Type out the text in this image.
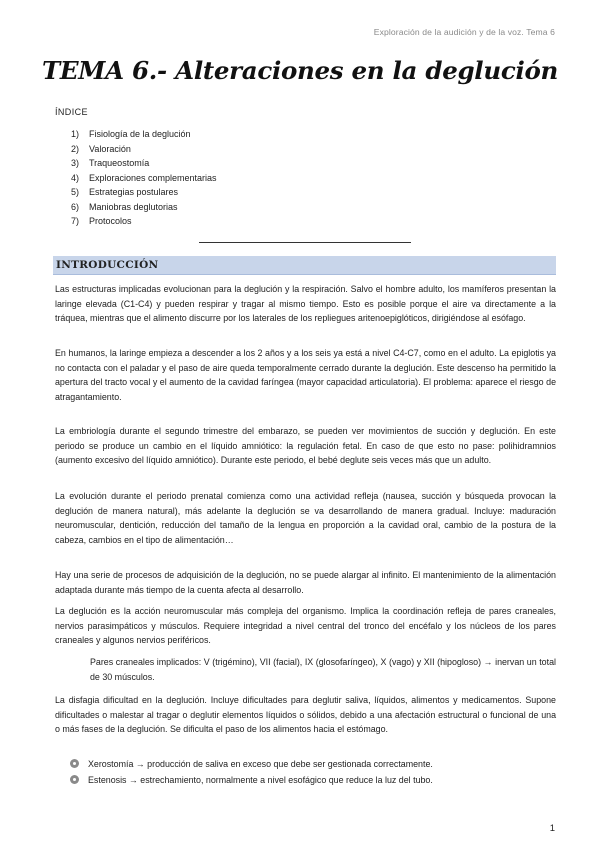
Exploración de la audición y de la voz. Tema 6
TEMA 6.- Alteraciones en la deglución
ÍNDICE
1) Fisiología de la deglución
2) Valoración
3) Traqueostomía
4) Exploraciones complementarias
5) Estrategias postulares
6) Maniobras deglutorias
7) Protocolos
INTRODUCCIÓN

Las estructuras implicadas evolucionan para la deglución y la respiración. Salvo el hombre adulto, los mamíferos presentan la laringe elevada (C1-C4) y pueden respirar y tragar al mismo tiempo. Esto es posible porque el aire va directamente a la tráquea, mientras que el alimento discurre por los laterales de los repliegues aritenoepiglóticos, dirigiéndose al esófago.

En humanos, la laringe empieza a descender a los 2 años y a los seis ya está a nivel C4-C7, como en el adulto. La epiglotis ya no contacta con el paladar y el paso de aire queda temporalmente cerrado durante la deglución. Este descenso ha permitido la apertura del tracto vocal y el aumento de la cavidad faríngea (mayor capacidad articulatoria). El problema: aparece el riesgo de atragantamiento.

La embriología durante el segundo trimestre del embarazo, se pueden ver movimientos de succión y deglución. En este periodo se produce un cambio en el líquido amniótico: la regulación fetal. En caso de que esto no pase: polihidramnios (aumento excesivo del líquido amniótico). Durante este periodo, el bebé deglute seis veces más que un adulto.

La evolución durante el periodo prenatal comienza como una actividad refleja (nausea, succión y búsqueda provocan la deglución de manera natural), más adelante la deglución se va desarrollando de manera gradual. Incluye: maduración neuromuscular, dentición, reducción del tamaño de la lengua en proporción a la cavidad oral, cambio de la postura de la cabeza, cambios en el tipo de alimentación…

Hay una serie de procesos de adquisición de la deglución, no se puede alargar al infinito. El mantenimiento de la alimentación adaptada durante más tiempo de la cuenta afecta al desarrollo.

La deglución es la acción neuromuscular más compleja del organismo. Implica la coordinación refleja de pares craneales, nervios parasimpáticos y músculos. Requiere integridad a nivel central del tronco del encéfalo y los núcleos de los pares craneales y algunos nervios periféricos.

Pares craneales implicados: V (trigémino), VII (facial), IX (glosofaríngeo), X (vago) y XII (hipogloso) → inervan un total de 30 músculos.

La disfagia dificultad en la deglución. Incluye dificultades para deglutir saliva, líquidos, alimentos y medicamentos. Supone dificultades o malestar al tragar o deglutir elementos líquidos o sólidos, debido a una afectación estructural o funcional de una o más fases de la deglución. Se dificulta el paso de los alimentos hacia el estómago.

Xerostomía → producción de saliva en exceso que debe ser gestionada correctamente.
Estenosis → estrechamiento, normalmente a nivel esofágico que reduce la luz del tubo.
1
